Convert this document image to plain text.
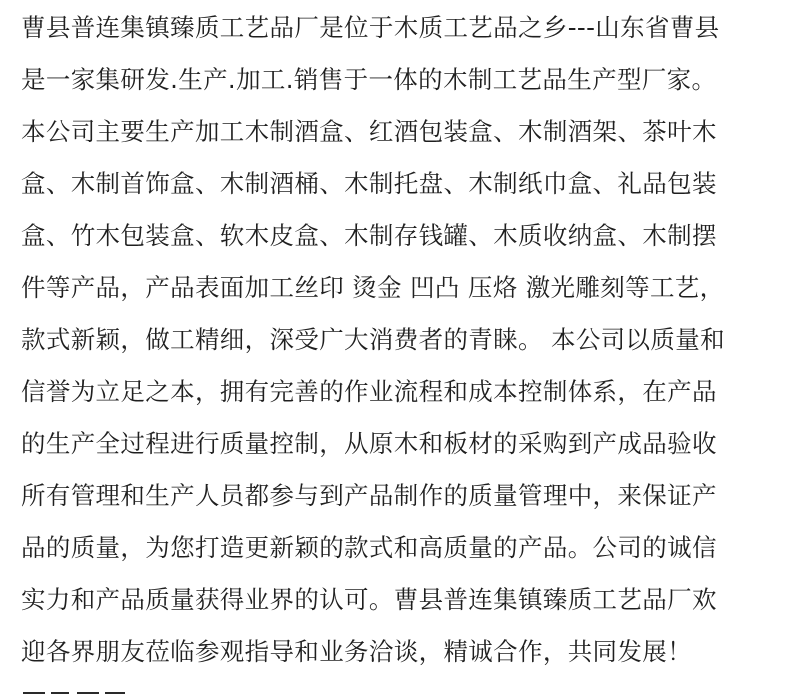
曹县普连集镇臻质工艺品厂是位于木质工艺品之乡---山东省曹县
是一家集研发.生产.加工.销售于一体的木制工艺品生产型厂家。
本公司主要生产加工木制酒盒、红酒包装盒、木制酒架、茶叶木
盒、木制首饰盒、木制酒桶、木制托盘、木制纸巾盒、礼品包装
盒、竹木包装盒、软木皮盒、木制存钱罐、木质收纳盒、木制摆
件等产品，产品表面加工丝印 烫金 凹凸 压烙 激光雕刻等工艺，
款式新颖，做工精细，深受广大消费者的青睐。 本公司以质量和
信誉为立足之本，拥有完善的作业流程和成本控制体系，在产品
的生产全过程进行质量控制，从原木和板材的采购到产成品验收
所有管理和生产人员都参与到产品制作的质量管理中，来保证产
品的质量，为您打造更新颖的款式和高质量的产品。公司的诚信
实力和产品质量获得业界的认可。曹县普连集镇臻质工艺品厂欢
迎各界朋友莅临参观指导和业务洽谈，精诚合作，共同发展！
